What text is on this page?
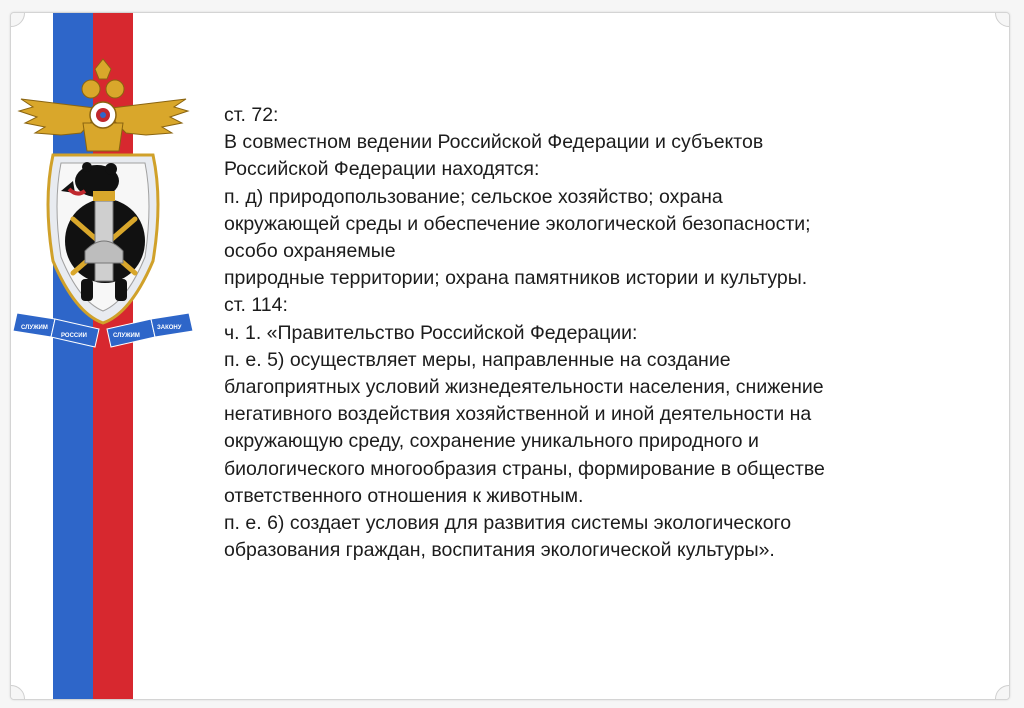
СЛУЖИМ
РОССИИ	СЛУЖИМ
ЗАКОНУ
ст. 72:
В совместном ведении Российской Федерации и субъектов
Российской Федерации находятся:
п. д) природопользование; сельское хозяйство; охрана
окружающей среды и обеспечение экологической безопасности;
особо охраняемые
природные территории; охрана памятников истории и культуры.
ст. 114:
ч. 1. «Правительство Российской Федерации:
п. е. 5) осуществляет меры, направленные на создание
благоприятных условий жизнедеятельности населения, снижение
негативного воздействия хозяйственной и иной деятельности на
окружающую среду, сохранение уникального природного и
биологического многообразия страны, формирование в обществе
ответственного отношения к животным.
п. е. 6) создает условия для развития системы экологического
образования граждан, воспитания экологической культуры».
